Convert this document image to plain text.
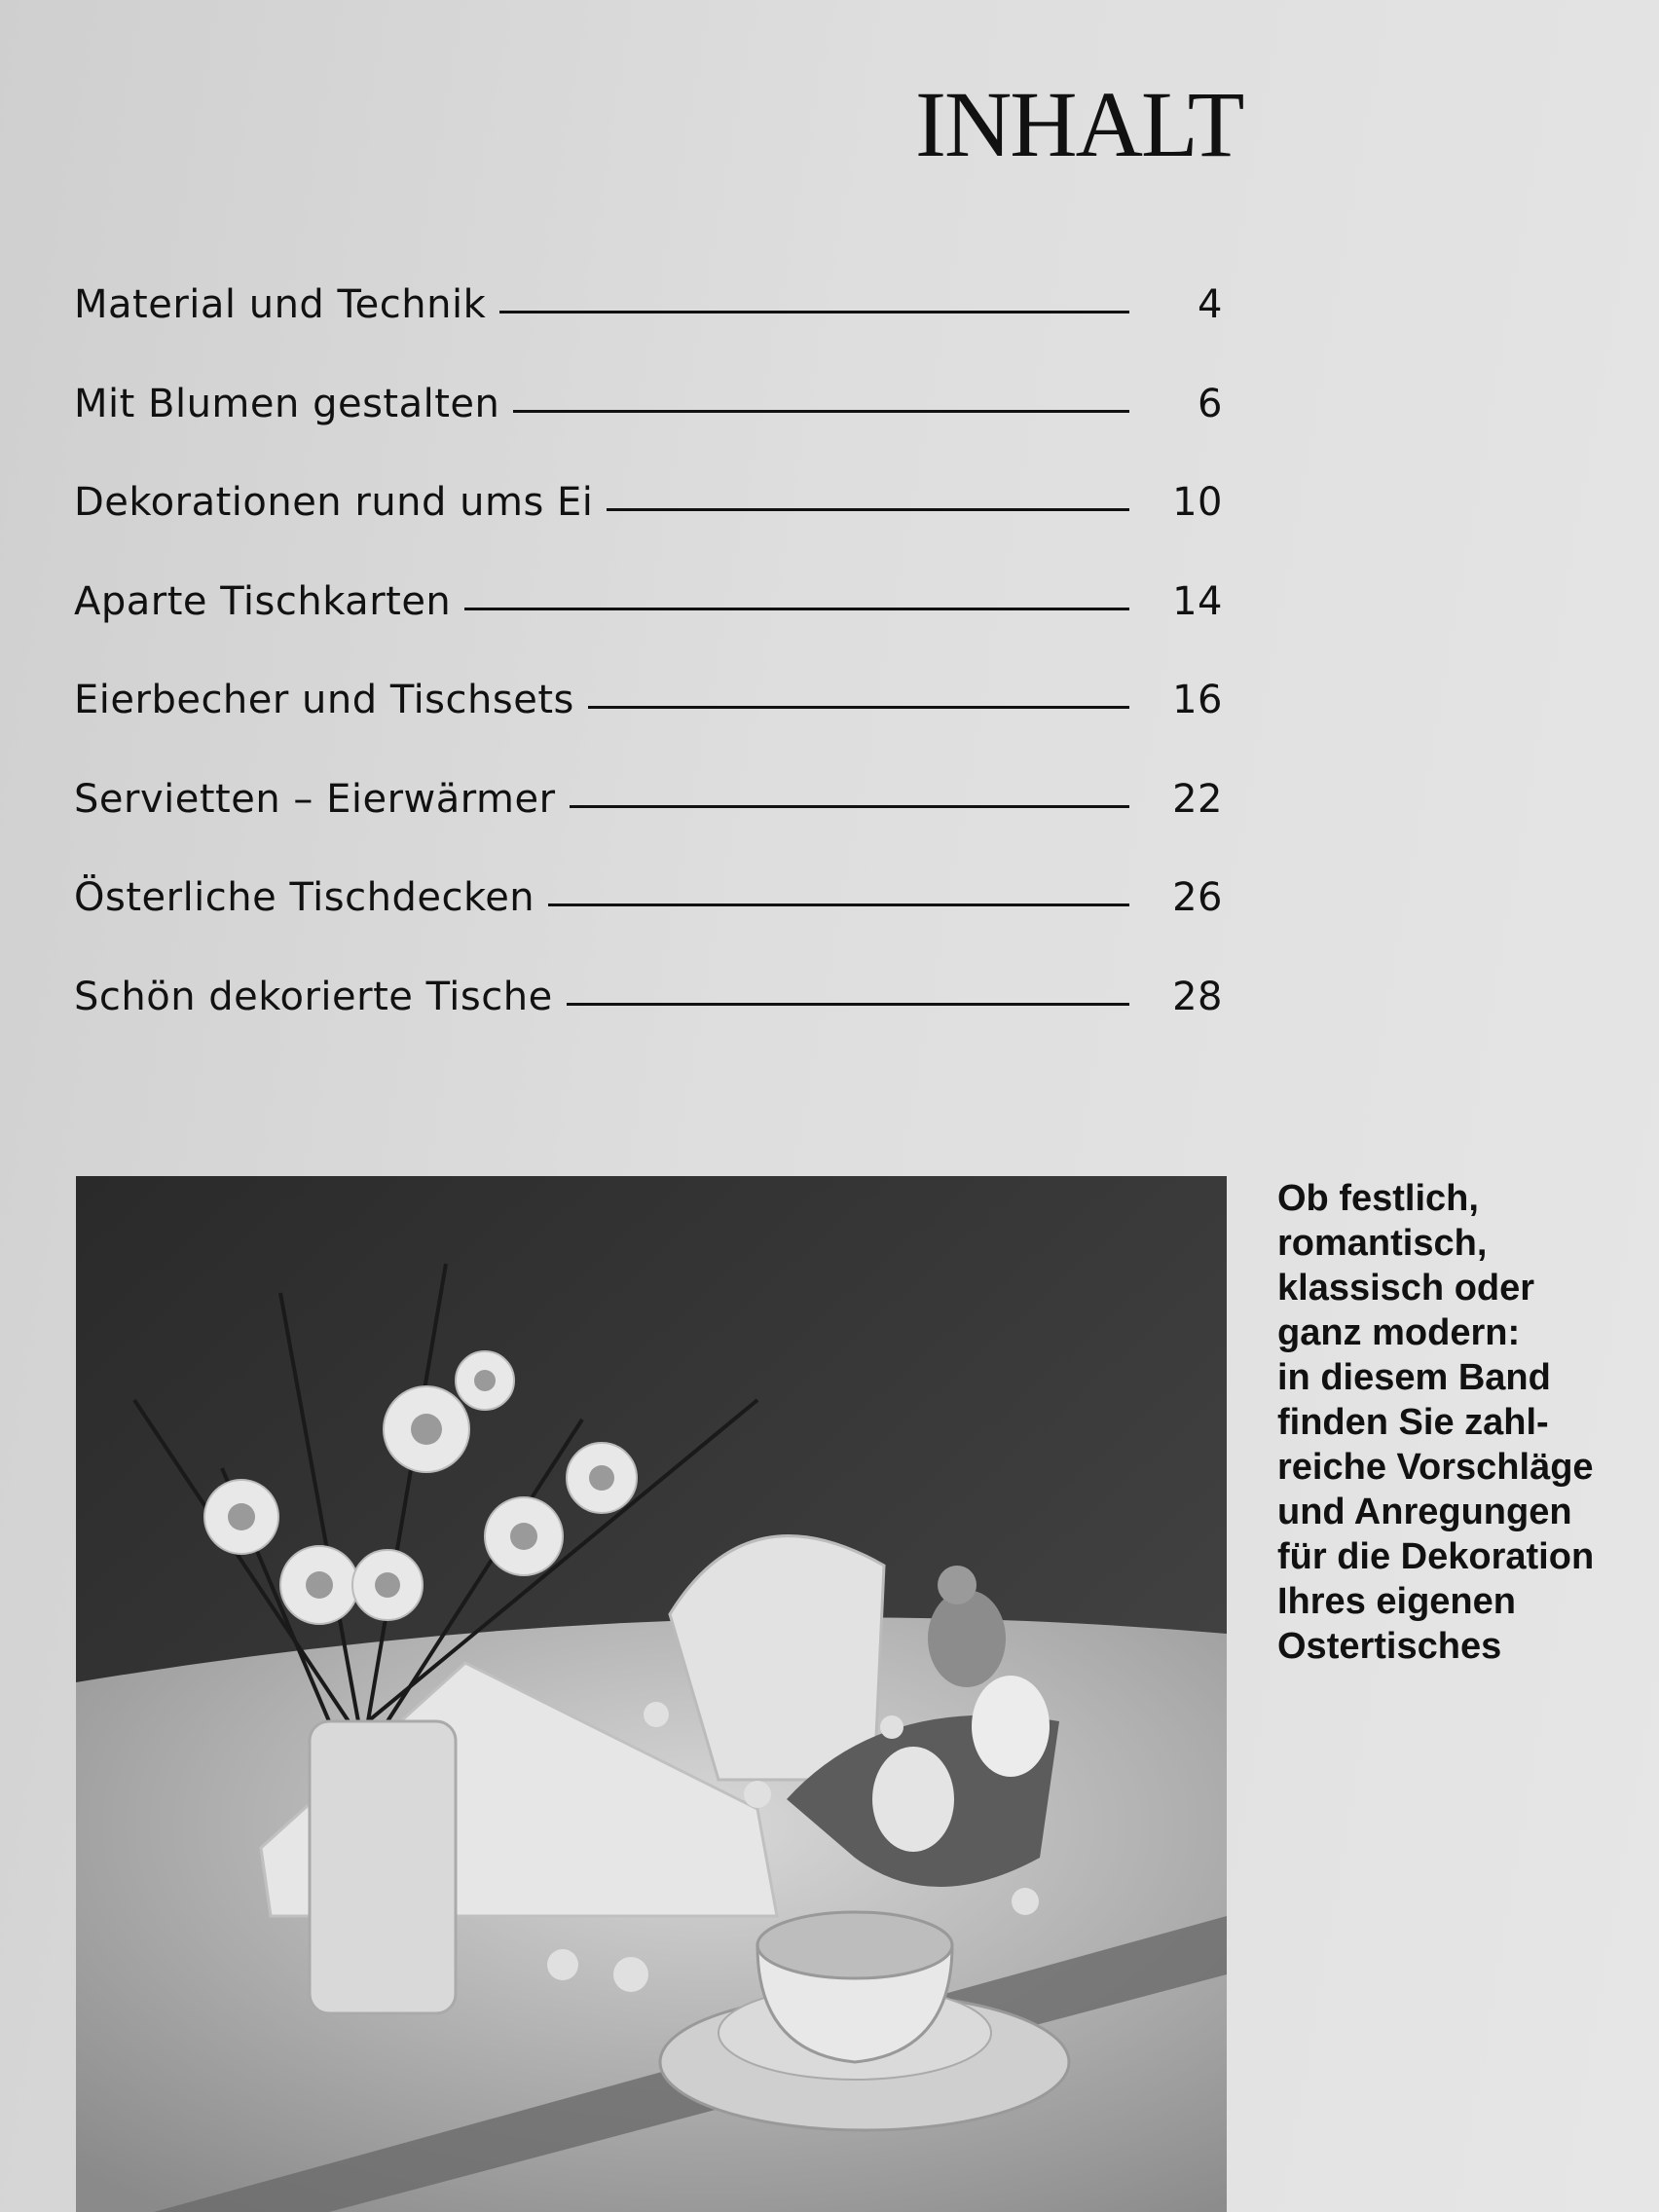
INHALT
Material und Technik	4
Mit Blumen gestalten	6
Dekorationen rund ums Ei	10
Aparte Tischkarten	14
Eierbecher und Tischsets	16
Servietten – Eierwärmer	22
Österliche Tischdecken	26
Schön dekorierte Tische	28

Ob festlich,
romantisch,
klassisch oder
ganz modern:
in diesem Band
finden Sie zahl-
reiche Vorschläge
und Anregungen
für die Dekoration
Ihres eigenen
Ostertisches
